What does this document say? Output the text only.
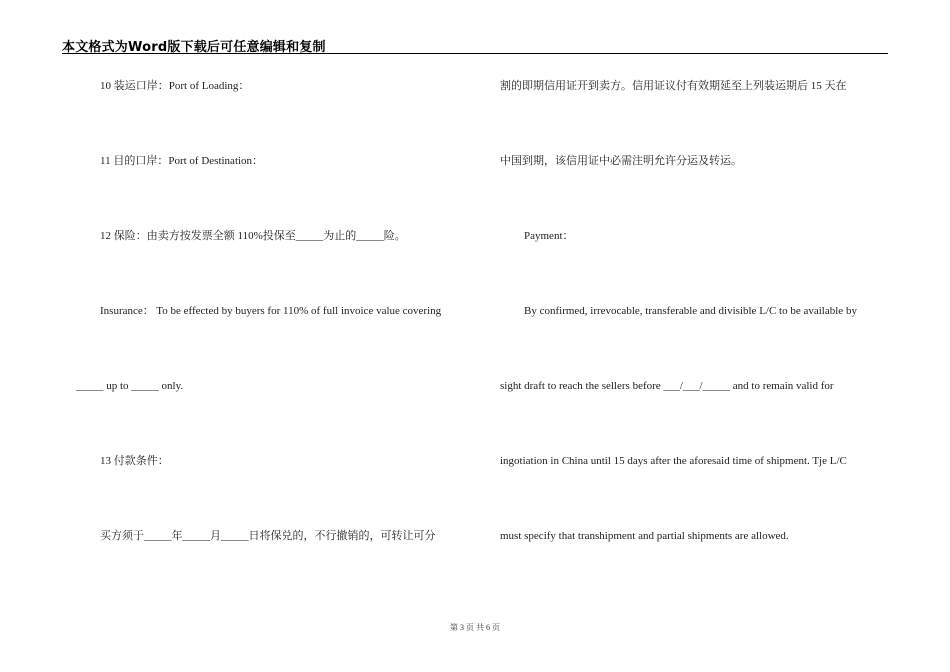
本文格式为Word版下载后可任意编辑和复制
10 装运口岸：Port of Loading：
11 目的口岸：Port of Destination：
12 保险：由卖方按发票全额 110%投保至_____为止的_____险。
Insurance： To be effected by buyers for 110% of full invoice value covering
_____ up to _____ only.
13 付款条件：
买方须于_____年_____月_____日将保兑的，不行撤销的，可转让可分
割的即期信用证开到卖方。信用证议付有效期延至上列装运期后 15 天在
中国到期，该信用证中必需注明允许分运及转运。
Payment：
By confirmed, irrevocable, transferable and divisible L/C to be available by
sight draft to reach the sellers before ___/___/_____ and to remain valid for
ingotiation in China until 15 days after the aforesaid time of shipment. Tje L/C
must specify that transhipment and partial shipments are allowed.
第 3 页 共 6 页
